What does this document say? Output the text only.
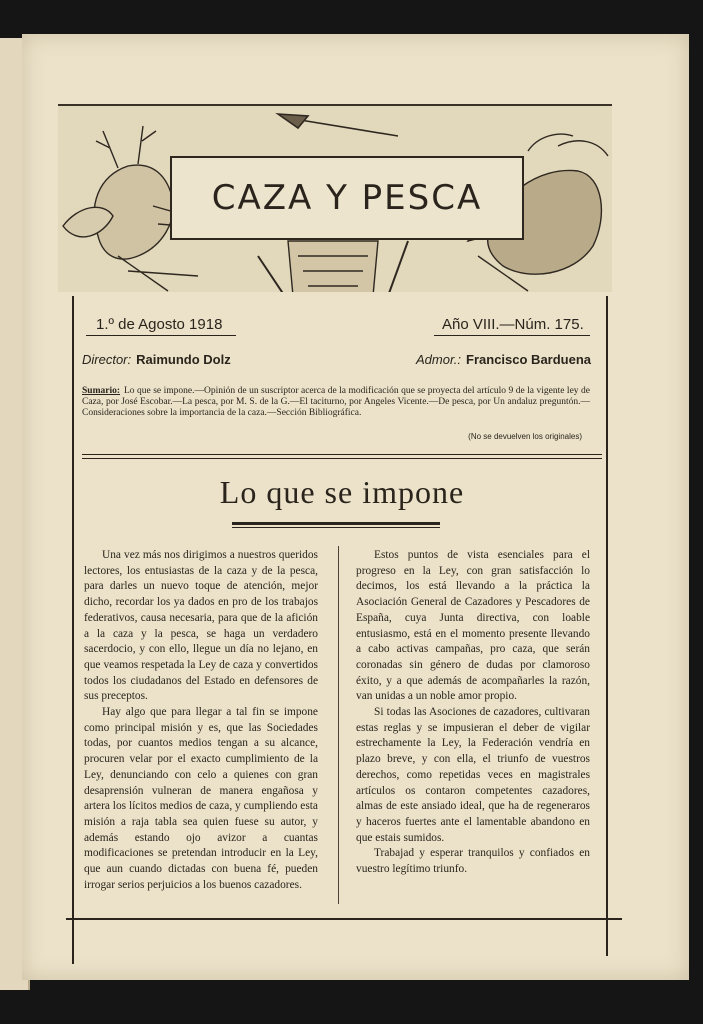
CAZA Y PESCA
1.º de Agosto 1918	Año VIII.—Núm. 175.
Director: Raimundo Dolz	Admor.: Francisco Barduena
Sumario: Lo que se impone.—Opinión de un suscriptor acerca de la modificación que se proyecta del artículo 9 de la vigente ley de Caza, por José Escobar.—La pesca, por M. S. de la G.—El taciturno, por Angeles Vicente.—De pesca, por Un andaluz preguntón.—Consideraciones sobre la importancia de la caza.—Sección Bibliográfica.
(No se devuelven los originales)
Lo que se impone

Una vez más nos dirigimos a nuestros queridos lectores, los entusiastas de la caza y de la pesca, para darles un nuevo toque de atención, mejor dicho, recordar los ya dados en pro de los trabajos federativos, causa necesaria, para que de la afición a la caza y la pesca, se haga un verdadero sacerdocio, y con ello, llegue un día no lejano, en que veamos respetada la Ley de caza y convertidos todos los ciudadanos del Estado en defensores de sus preceptos.

Hay algo que para llegar a tal fin se impone como principal misión y es, que las Sociedades todas, por cuantos medios tengan a su alcance, procuren velar por el exacto cumplimiento de la Ley, denunciando con celo a quienes con gran desaprensión vulneran de manera engañosa y artera los lícitos medios de caza, y cumpliendo esta misión a raja tabla sea quien fuese su autor, y además estando ojo avizor a cuantas modificaciones se pretendan introducir en la Ley, que aun cuando dictadas con buena fé, pueden irrogar serios perjuicios a los buenos cazadores.

Estos puntos de vista esenciales para el progreso en la Ley, con gran satisfacción lo decimos, los está llevando a la práctica la Asociación General de Cazadores y Pescadores de España, cuya Junta directiva, con loable entusiasmo, está en el momento presente llevando a cabo activas campañas, pro caza, que serán coronadas sin género de dudas por clamoroso éxito, y a que además de acompañarles la razón, van unidas a un noble amor propio.

Si todas las Asociones de cazadores, cultivaran estas reglas y se impusieran el deber de vigilar estrechamente la Ley, la Federación vendría en plazo breve, y con ella, el triunfo de vuestros derechos, como repetidas veces en magistrales artículos os contaron competentes cazadores, almas de este ansiado ideal, que ha de regeneraros y haceros fuertes ante el lamentable abandono en que estais sumidos.

Trabajad y esperar tranquilos y confiados en vuestro legítimo triunfo.
